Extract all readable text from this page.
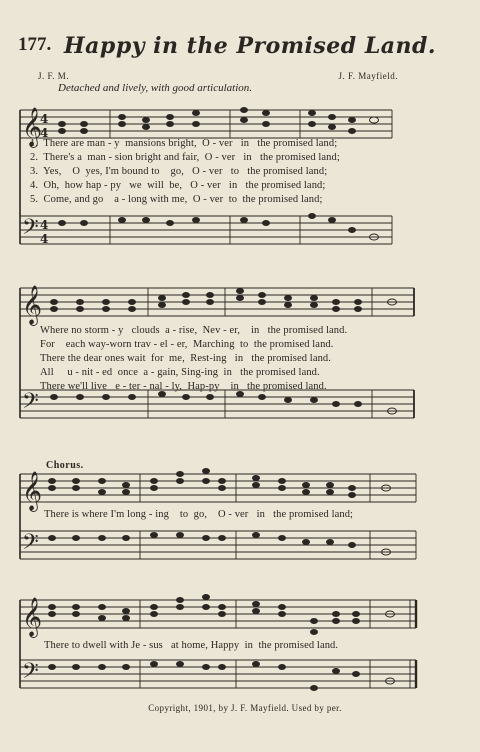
177. Happy in the Promised Land.
J. F. M.	J. F. Mayfield.
Detached and lively, with good articulation.
𝄞
𝄢
4
4
4
4
1.  There are man - y  mansions bright,  O - ver   in   the promised land;
2.  There's a  man - sion bright and fair,  O - ver   in   the promised land;
3.  Yes,    O  yes, I'm bound to    go,   O - ver   to   the promised land;
4.  Oh,  how hap - py   we  will  be,   O - ver   in   the promised land;
5.  Come, and go    a - long with me,  O - ver  to  the promised land;
𝄞
𝄢
Where no storm - y   clouds  a - rise,  Nev - er,    in   the promised land.
For    each way-worn trav - el - er,  Marching  to  the promised land.
There the dear ones wait  for  me,  Rest-ing   in   the promised land.
All     u - nit - ed  once  a - gain, Sing-ing  in   the promised land.
There we'll live   e - ter - nal - ly,  Hap-py    in   the promised land.
Chorus.
𝄞
𝄢
There is where I'm long - ing    to  go,    O - ver   in   the promised land;
𝄞
𝄢
There to dwell with Je - sus   at home, Happy  in  the promised land.
Copyright, 1901, by J. F. Mayfield. Used by per.
